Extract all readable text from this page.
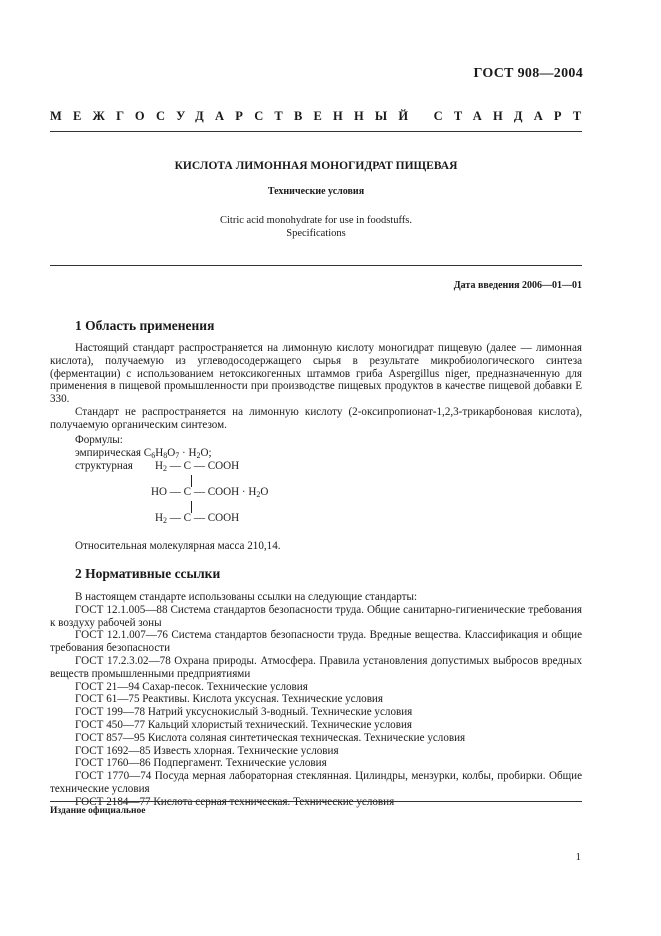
ГОСТ 908—2004
МЕЖГОСУДАРСТВЕННЫЙ СТАНДАРТ
КИСЛОТА ЛИМОННАЯ МОНОГИДРАТ ПИЩЕВАЯ
Технические условия
Citric acid monohydrate for use in foodstuffs.
Specifications
Дата введения 2006—01—01
1 Область применения

Настоящий стандарт распространяется на лимонную кислоту моногидрат пищевую (далее — лимонная кислота), получаемую из углеводосодержащего сырья в результате микробиологического синтеза (ферментации) с использованием нетоксикогенных штаммов гриба Aspergillus niger, предназначенную для применения в пищевой промышленности при производстве пищевых продуктов в качестве пищевой добавки Е 330.

Стандарт не распространяется на лимонную кислоту (2-оксипропионат-1,2,3-трикарбоновая кислота), получаемую органическим синтезом.

Формулы:
эмпирическая $C_6H_8O_7 \cdot H_2O$;
структурная $H_2$ — C — COOH
HO — C — COOH · $H_2O$
$H_2$ — C — COOH
Относительная молекулярная масса 210,14.
2 Нормативные ссылки

В настоящем стандарте использованы ссылки на следующие стандарты:

ГОСТ 12.1.005—88 Система стандартов безопасности труда. Общие санитарно-гигиенические требования к воздуху рабочей зоны

ГОСТ 12.1.007—76 Система стандартов безопасности труда. Вредные вещества. Классификация и общие требования безопасности

ГОСТ 17.2.3.02—78 Охрана природы. Атмосфера. Правила установления допустимых выбросов вредных веществ промышленными предприятиями

ГОСТ 21—94 Сахар-песок. Технические условия

ГОСТ 61—75 Реактивы. Кислота уксусная. Технические условия

ГОСТ 199—78 Натрий уксуснокислый 3-водный. Технические условия

ГОСТ 450—77 Кальций хлористый технический. Технические условия

ГОСТ 857—95 Кислота соляная синтетическая техническая. Технические условия

ГОСТ 1692—85 Известь хлорная. Технические условия

ГОСТ 1760—86 Подпергамент. Технические условия

ГОСТ 1770—74 Посуда мерная лабораторная стеклянная. Цилиндры, мензурки, колбы, пробирки. Общие технические условия

ГОСТ 2184—77 Кислота серная техническая. Технические условия

Издание официальное
1
